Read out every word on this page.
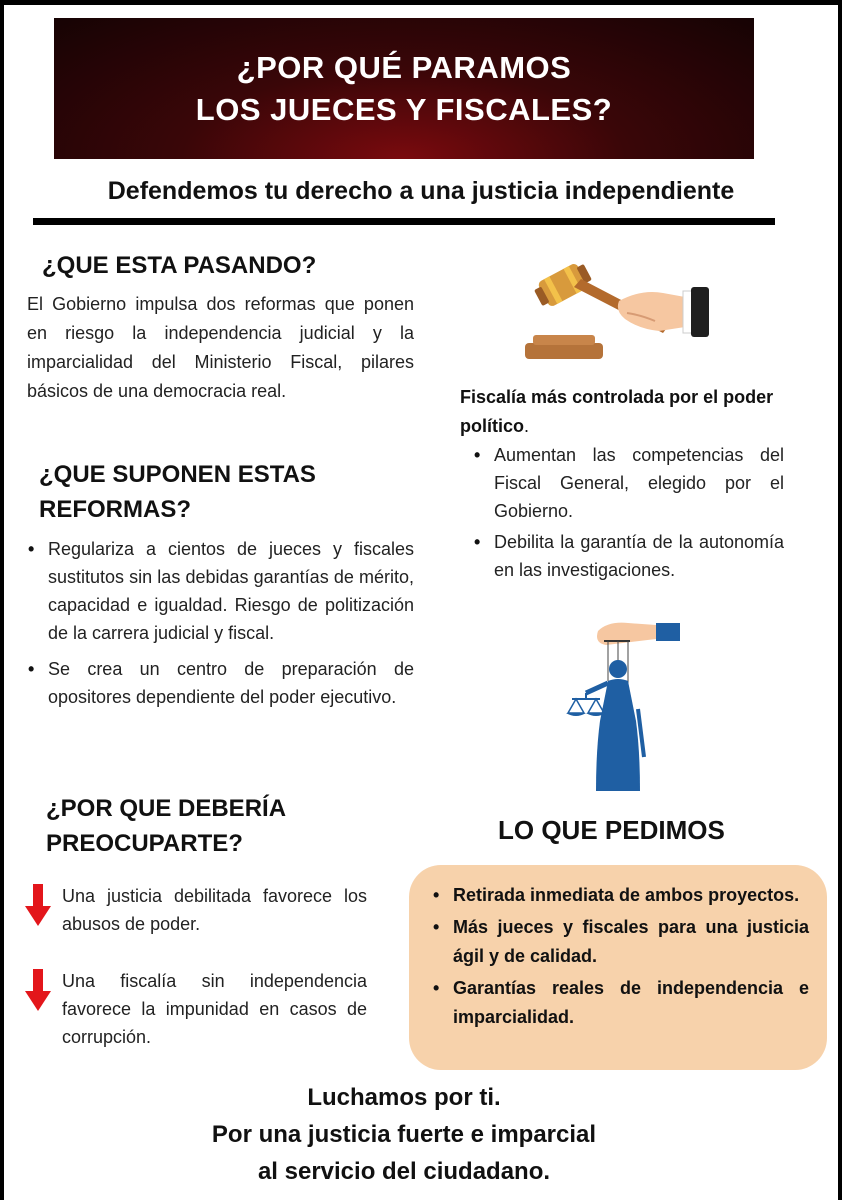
¿POR QUÉ PARAMOS
LOS JUECES Y FISCALES?
Defendemos tu derecho a una justicia independiente
¿QUE ESTA PASANDO?
El Gobierno impulsa dos reformas que ponen en riesgo la independencia judicial y la imparcialidad del Ministerio Fiscal, pilares básicos de una democracia real.
¿QUE SUPONEN ESTAS
REFORMAS?
• Regulariza a cientos de jueces y fiscales sustitutos sin las debidas garantías de mérito, capacidad e igualdad. Riesgo de politización de la carrera judicial y fiscal.
• Se crea un centro de preparación de opositores dependiente del poder ejecutivo.
¿POR QUE DEBERÍA
PREOCUPARTE?
Una justicia debilitada favorece los abusos de poder.
Una fiscalía sin independencia favorece la impunidad en casos de corrupción.
Fiscalía más controlada por el poder político.
• Aumentan las competencias del Fiscal General, elegido por el Gobierno.
• Debilita la garantía de la autonomía en las investigaciones.
LO QUE PEDIMOS
• Retirada inmediata de ambos proyectos.
• Más jueces y fiscales para una justicia ágil y de calidad.
• Garantías reales de independencia e imparcialidad.
Luchamos por ti.
Por una justicia fuerte e imparcial
al servicio del ciudadano.
